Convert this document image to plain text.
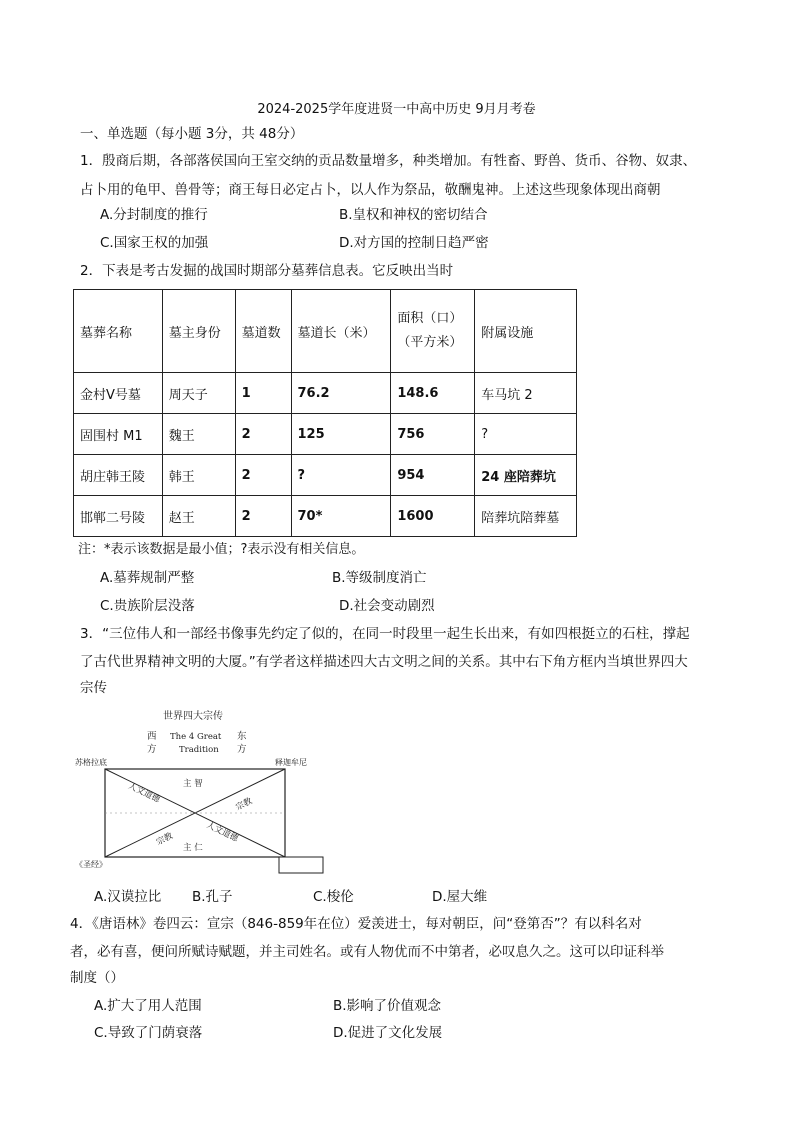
2024-2025学年度进贤一中高中历史 9月月考卷
一、单选题（每小题 3分，共 48分）
1．殷商后期，各部落侯国向王室交纳的贡品数量增多，种类增加。有牲畜、野兽、货币、谷物、奴隶、
占卜用的龟甲、兽骨等；商王每日必定占卜，以人作为祭品，敬酬鬼神。上述这些现象体现出商朝
A.分封制度的推行	B.皇权和神权的密切结合
C.国家王权的加强	D.对方国的控制日趋严密
2．下表是考古发掘的战国时期部分墓葬信息表。它反映出当时
墓葬名称	墓主身份	墓道数	墓道长（米）	面积（口）（平方米）	附属设施
金村Ⅴ号墓	周天子	1	76.2	148.6	车马坑 2
固围村 M1	魏王	2	125	756	?
胡庄韩王陵	韩王	2	?	954	24 座陪葬坑
邯郸二号陵	赵王	2	70*	1600	陪葬坑陪葬墓
注：*表示该数据是最小值；?表示没有相关信息。
A.墓葬规制严整	B.等级制度消亡
C.贵族阶层没落	D.社会变动剧烈
3．“三位伟人和一部经书像事先约定了似的，在同一时段里一起生长出来，有如四根挺立的石柱，撑起
了古代世界精神文明的大厦。”有学者这样描述四大古文明之间的关系。其中右下角方框内当填世界四大
宗传
世界四大宗传
西
方
The 4 Great
Tradition
东
方
苏格拉底	释迦牟尼
主 智
主 仁
人文道德	宗教
宗教	人文道德
《圣经》
A.汉谟拉比 B.孔子	C.梭伦	D.屋大维
4．《唐语林》卷四云：宣宗（846-859年在位）爱羡进士，每对朝臣，问“登第否”？有以科名对
者，必有喜，便问所赋诗赋题，并主司姓名。或有人物优而不中第者，必叹息久之。这可以印证科举
制度（）
A.扩大了用人范围	B.影响了价值观念
C.导致了门荫衰落	D.促进了文化发展
